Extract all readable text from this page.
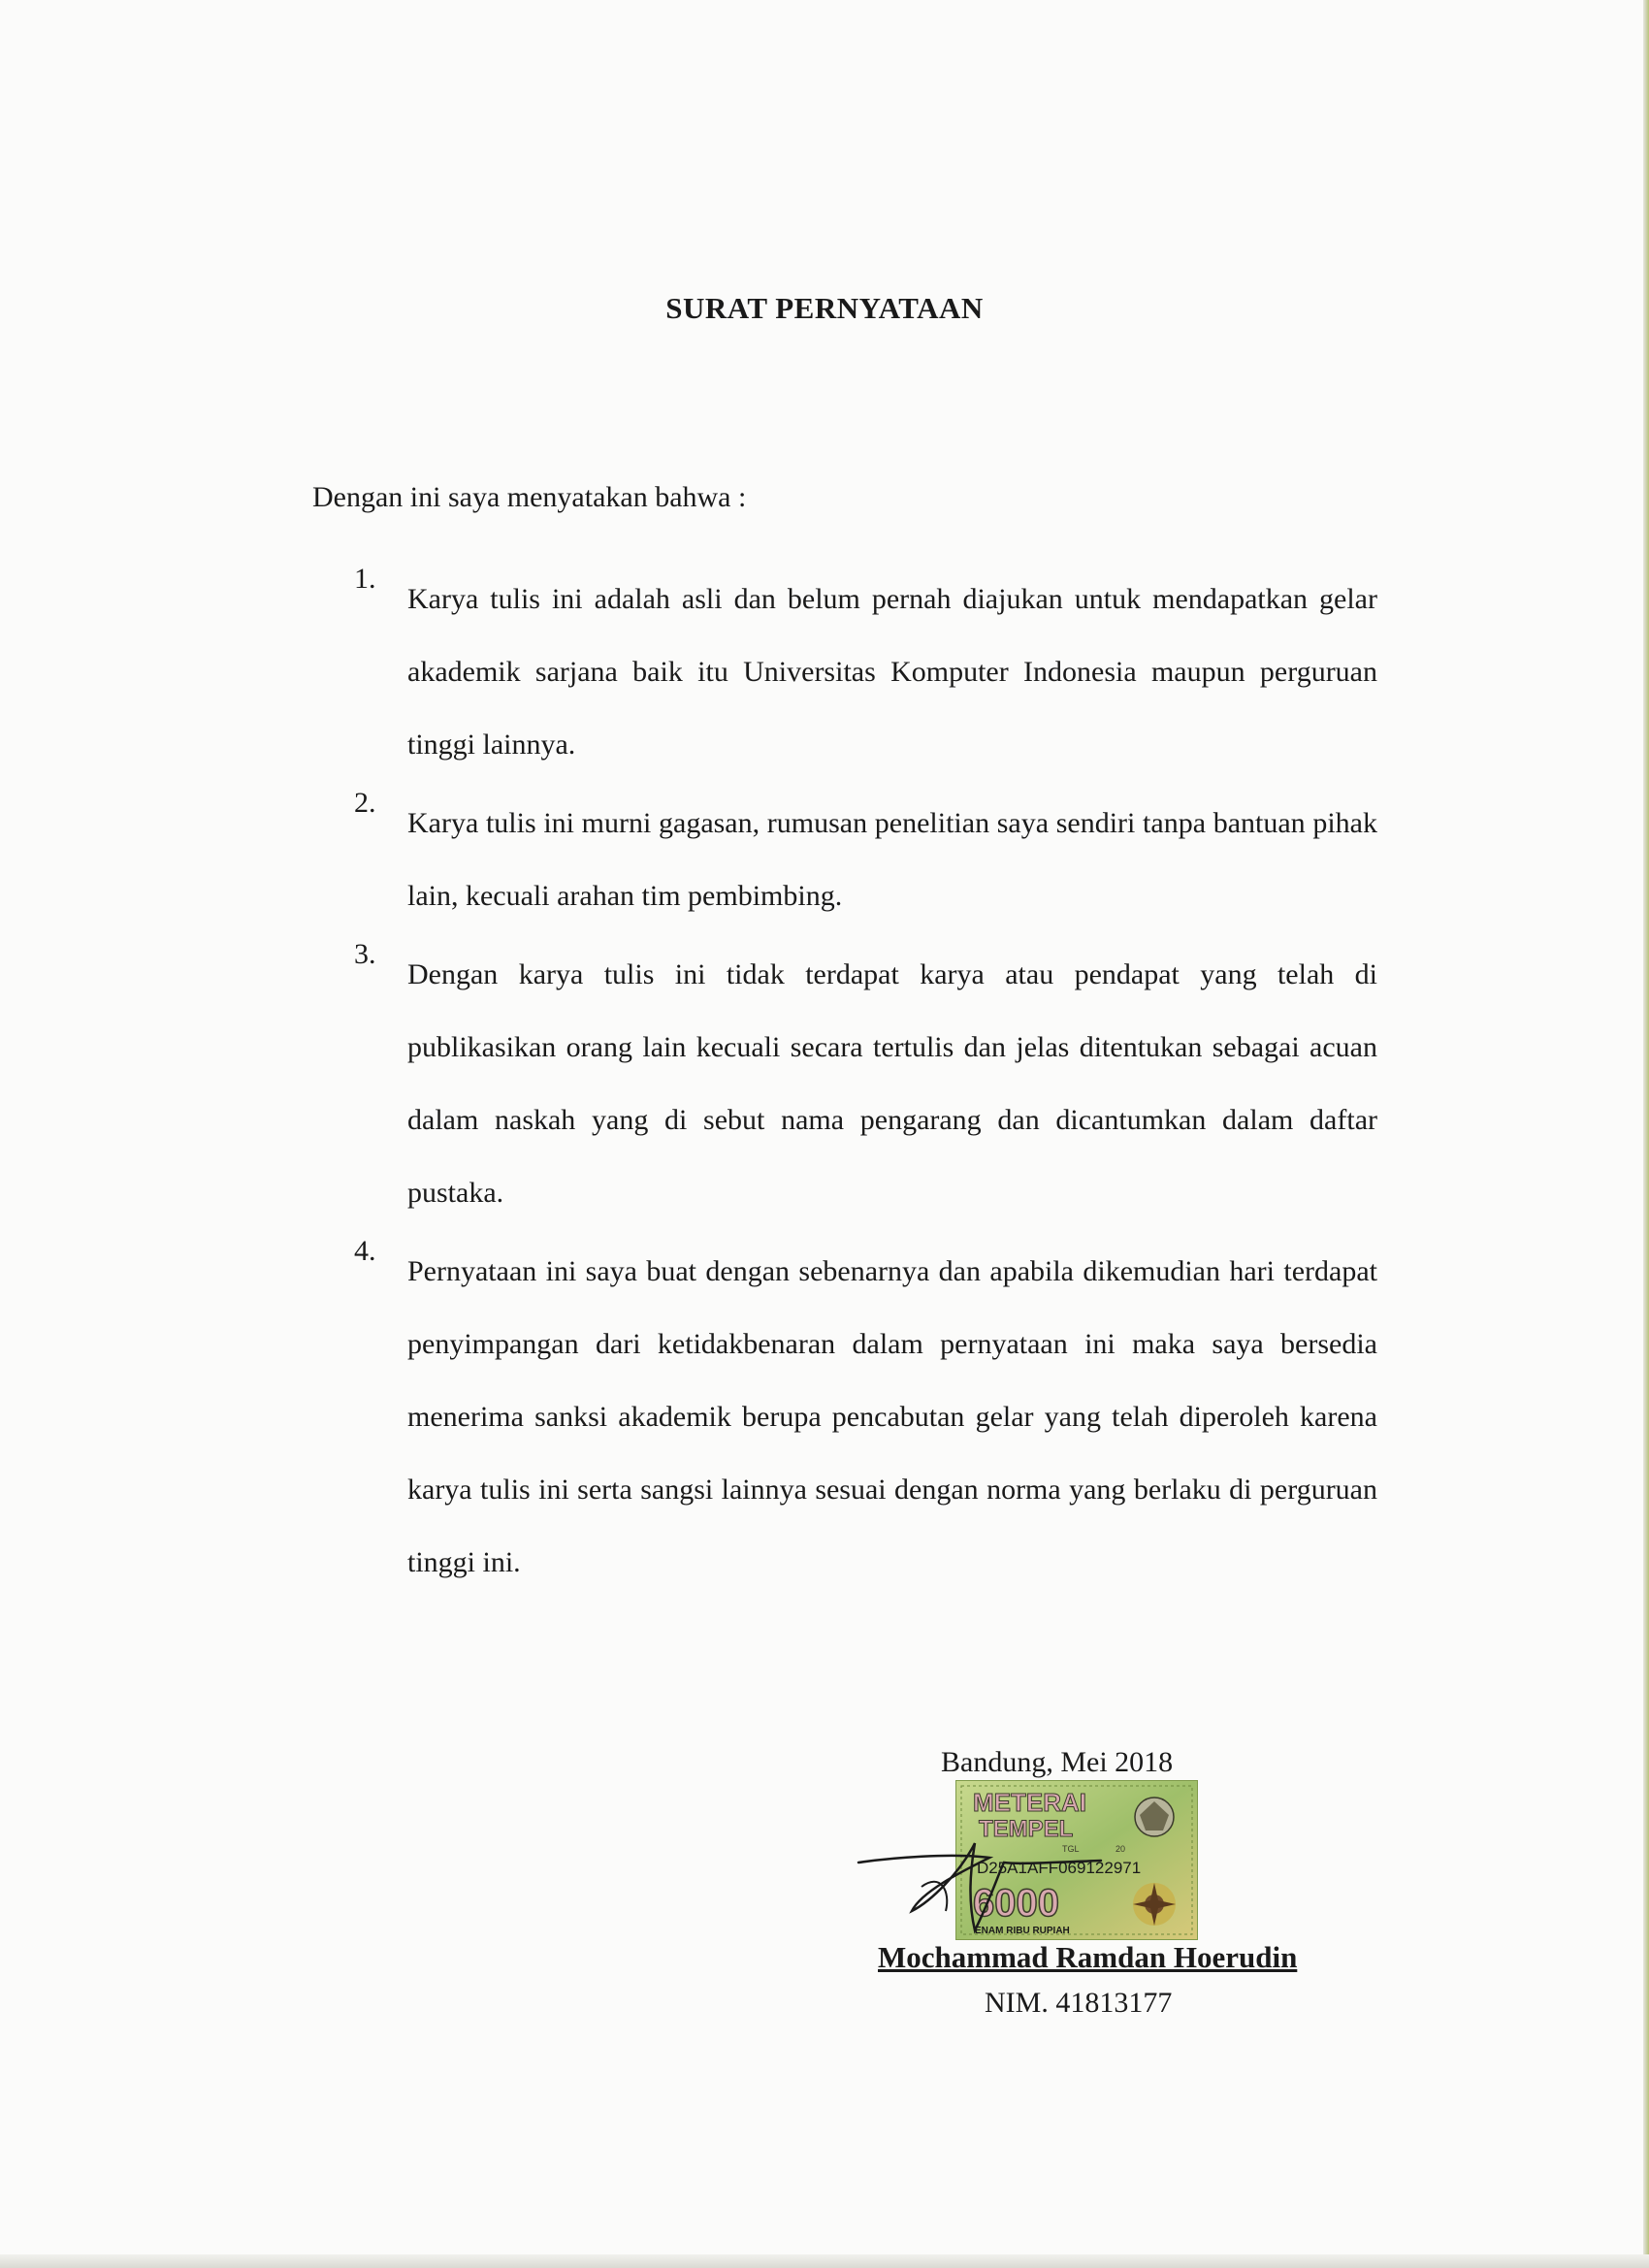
SURAT PERNYATAAN
Dengan ini saya menyatakan bahwa :
1.
Karya tulis ini adalah asli dan belum pernah diajukan untuk mendapatkan gelar akademik sarjana baik itu Universitas Komputer Indonesia maupun perguruan tinggi lainnya.
2.
Karya tulis ini murni gagasan, rumusan penelitian saya sendiri tanpa bantuan pihak lain, kecuali arahan tim pembimbing.
3.
Dengan karya tulis ini tidak terdapat karya atau pendapat yang telah di publikasikan orang lain kecuali secara tertulis dan jelas ditentukan sebagai acuan dalam naskah yang di sebut nama pengarang dan dicantumkan dalam daftar pustaka.
4.
Pernyataan ini saya buat dengan sebenarnya dan apabila dikemudian hari terdapat penyimpangan dari ketidakbenaran dalam pernyataan ini maka saya bersedia menerima sanksi akademik berupa pencabutan gelar yang telah diperoleh karena karya tulis ini serta sangsi lainnya sesuai dengan norma yang berlaku di perguruan tinggi ini.
Bandung, Mei 2018
METERAI
TEMPEL
TGL	20
D25A1AFF069122971
6000
ENAM RIBU RUPIAH
Mochammad Ramdan Hoerudin
NIM. 41813177
